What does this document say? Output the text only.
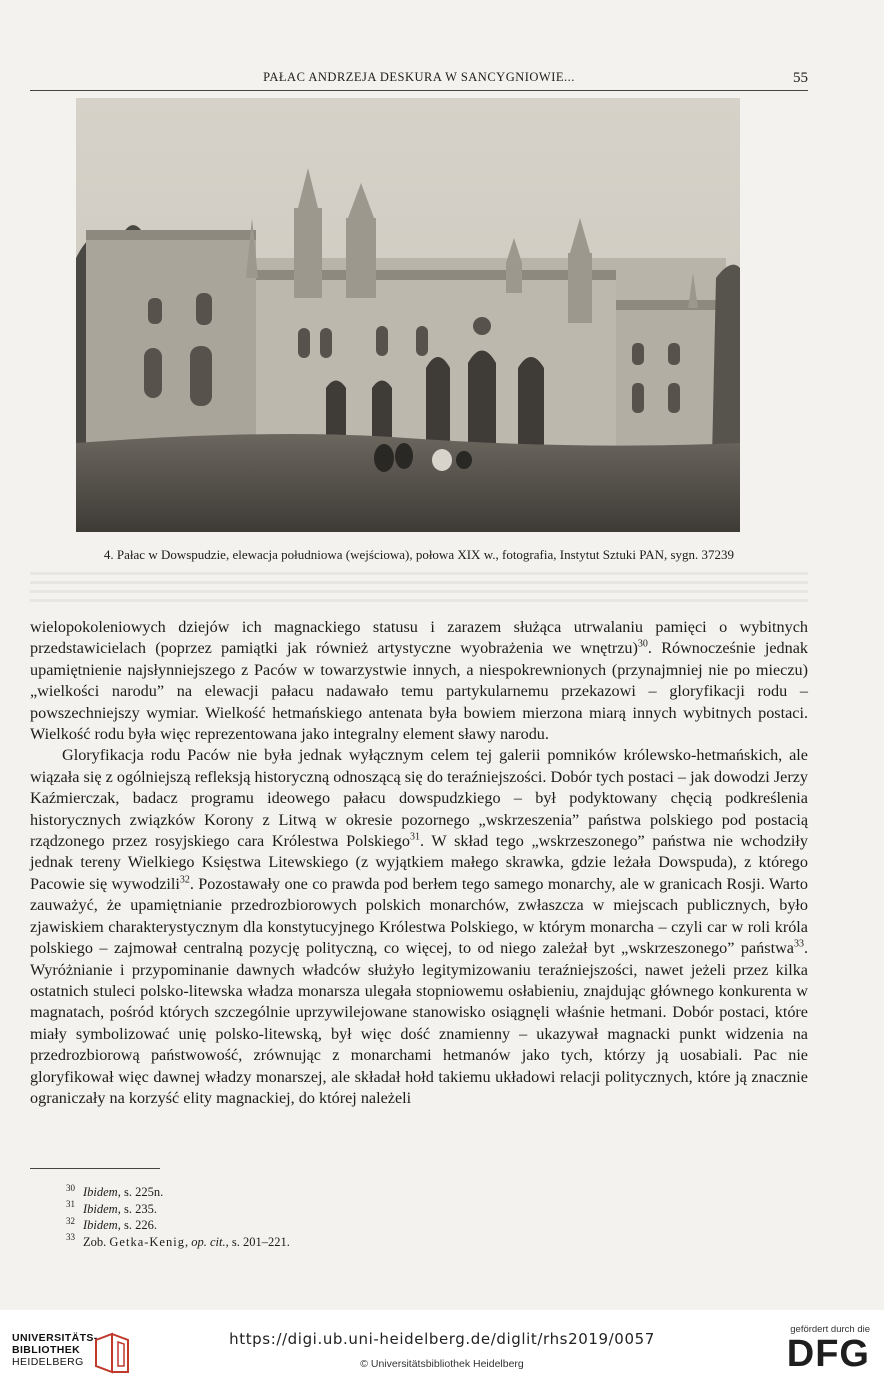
PAŁAC ANDRZEJA DESKURA W SANCYGNIOWIE...	55
4. Pałac w Dowspudzie, elewacja południowa (wejściowa), połowa XIX w., fotografia, Instytut Sztuki PAN, sygn. 37239

wielopokoleniowych dziejów ich magnackiego statusu i zarazem służąca utrwalaniu pamięci o wybitnych przedstawicielach (poprzez pamiątki jak również artystyczne wyobrażenia we wnętrzu)$^{30}$. Równocześnie jednak upamiętnienie najsłynniejszego z Paców w towarzystwie innych, a niespokrewnionych (przynajmniej nie po mieczu) „wielkości narodu” na elewacji pałacu nadawało temu partykularnemu przekazowi – gloryfikacji rodu – powszechniejszy wymiar. Wielkość hetmańskiego antenata była bowiem mierzona miarą innych wybitnych postaci. Wielkość rodu była więc reprezentowana jako integralny element sławy narodu.

Gloryfikacja rodu Paców nie była jednak wyłącznym celem tej galerii pomników królewsko-hetmańskich, ale wiązała się z ogólniejszą refleksją historyczną odnoszącą się do teraźniejszości. Dobór tych postaci – jak dowodzi Jerzy Kaźmierczak, badacz programu ideowego pałacu dowspudzkiego – był podyktowany chęcią podkreślenia historycznych związków Korony z Litwą w okresie pozornego „wskrzeszenia” państwa polskiego pod postacią rządzonego przez rosyjskiego cara Królestwa Polskiego$^{31}$. W skład tego „wskrzeszonego” państwa nie wchodziły jednak tereny Wielkiego Księstwa Litewskiego (z wyjątkiem małego skrawka, gdzie leżała Dowspuda), z którego Pacowie się wywodzili$^{32}$. Pozostawały one co prawda pod berłem tego samego monarchy, ale w granicach Rosji. Warto zauważyć, że upamiętnianie przedrozbiorowych polskich monarchów, zwłaszcza w miejscach publicznych, było zjawiskiem charakterystycznym dla konstytucyjnego Królestwa Polskiego, w którym monarcha – czyli car w roli króla polskiego – zajmował centralną pozycję polityczną, co więcej, to od niego zależał byt „wskrzeszonego” państwa$^{33}$. Wyróżnianie i przypominanie dawnych władców służyło legitymizowaniu teraźniejszości, nawet jeżeli przez kilka ostatnich stuleci polsko-litewska władza monarsza ulegała stopniowemu osłabieniu, znajdując głównego konkurenta w magnatach, pośród których szczególnie uprzywilejowane stanowisko osiągnęli właśnie hetmani. Dobór postaci, które miały symbolizować unię polsko-litewską, był więc dość znamienny – ukazywał magnacki punkt widzenia na przedrozbiorową państwowość, zrównując z monarchami hetmanów jako tych, którzy ją uosabiali. Pac nie gloryfikował więc dawnej władzy monarszej, ale składał hołd takiemu układowi relacji politycznych, które ją znacznie ograniczały na korzyść elity magnackiej, do której należeli

$^{30}$ Ibidem, s. 225n.
$^{31}$ Ibidem, s. 235.
$^{32}$ Ibidem, s. 226.
$^{33}$ Zob. Getka-Kenig, op. cit., s. 201–221.
UNIVERSITÄTS-
BIBLIOTHEK
HEIDELBERG
https://digi.ub.uni-heidelberg.de/diglit/rhs2019/0057
© Universitätsbibliothek Heidelberg
gefördert durch die
DFG
